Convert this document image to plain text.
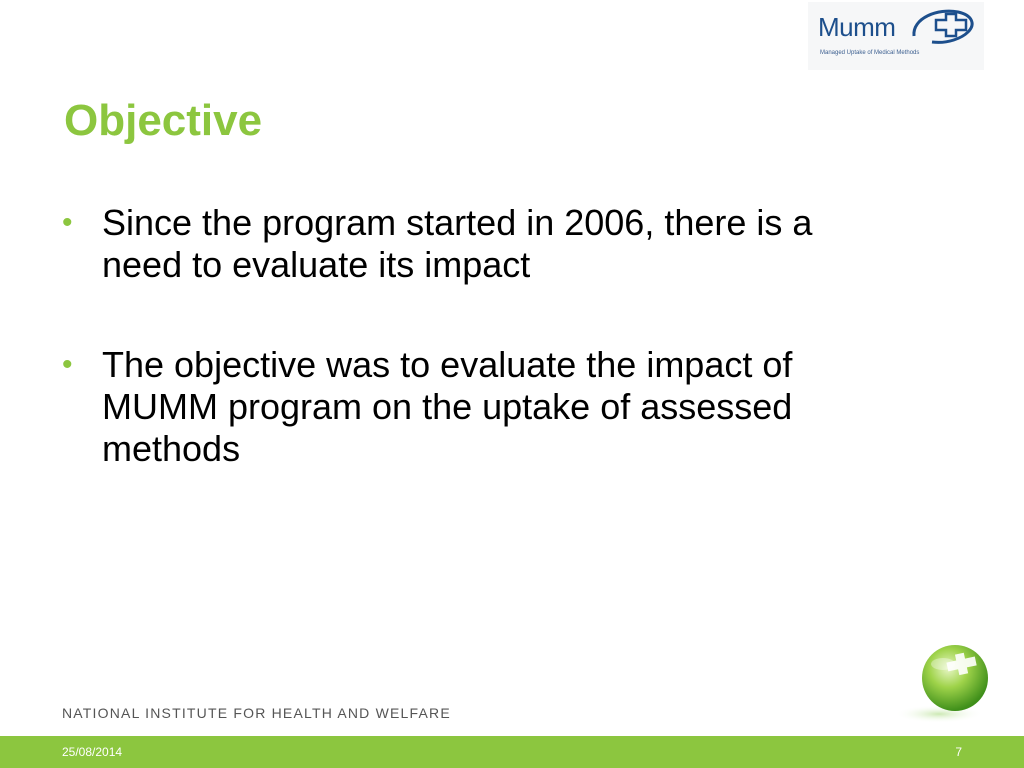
Mumm
Managed Uptake of Medical Methods
Objective
• Since the program started in 2006, there is a need to evaluate its impact
• The objective was to evaluate the impact of MUMM program on the uptake of assessed methods
NATIONAL INSTITUTE FOR HEALTH AND WELFARE
25/08/2014	7
